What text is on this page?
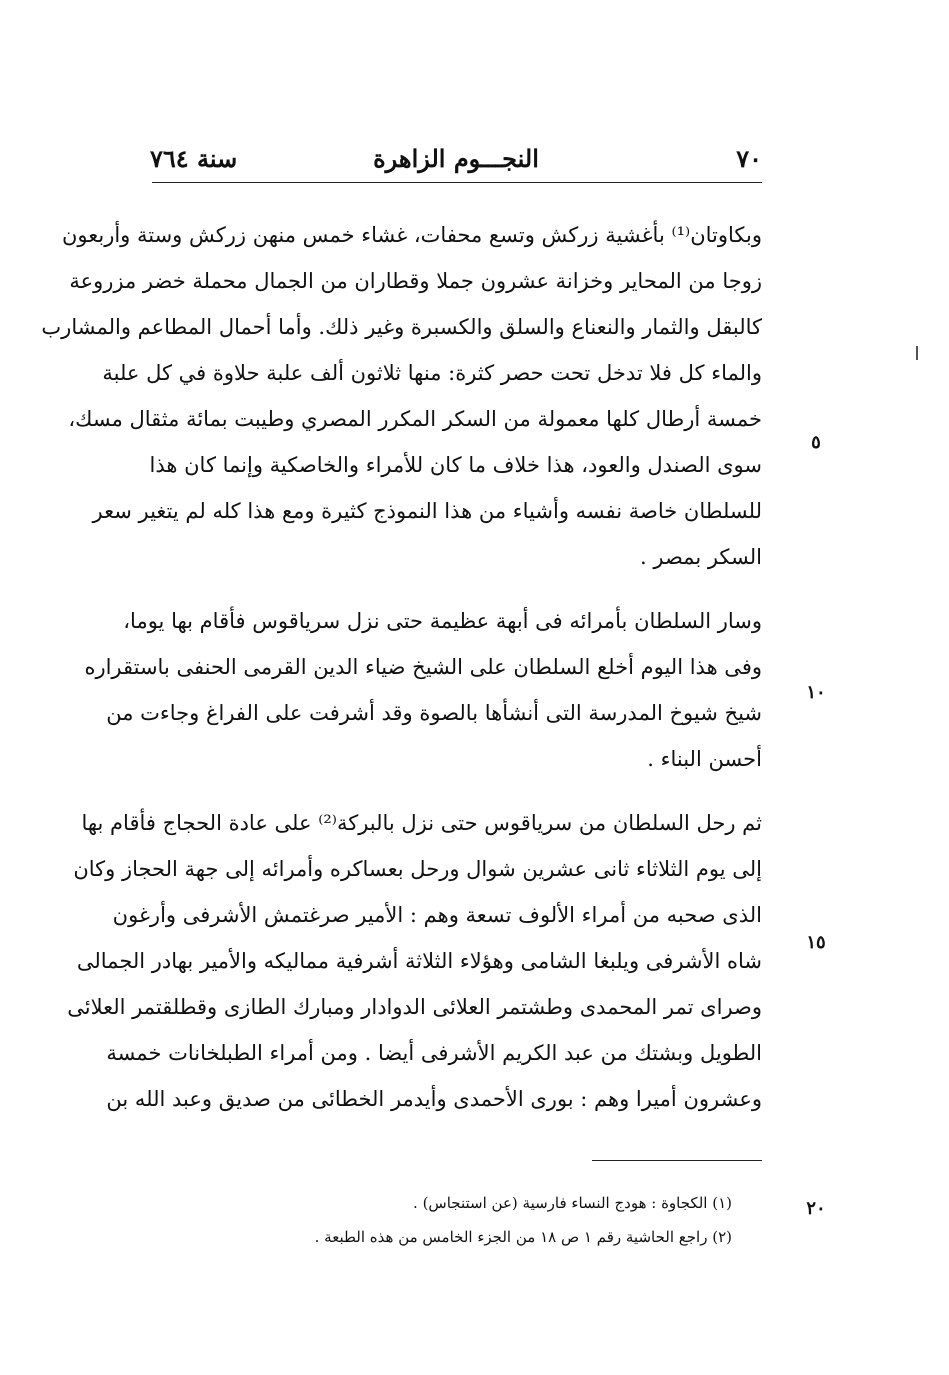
٧٠
النجـــوم الزاهرة
سنة ٧٦٤
وبكاوتان⁽¹⁾ بأغشية زركش وتسع محفات، غشاء خمس منهن زركش وستة وأربعون
زوجا من المحاير وخزانة عشرون جملا وقطاران من الجمال محملة خضر مزروعة
كالبقل والثمار والنعناع والسلق والكسبرة وغير ذلك. وأما أحمال المطاعم والمشارب
والماء كل فلا تدخل تحت حصر كثرة: منها ثلاثون ألف علبة حلاوة في كل علبة
خمسة أرطال كلها معمولة من السكر المكرر المصري وطيبت بمائة مثقال مسك،
سوى الصندل والعود، هذا خلاف ما كان للأمراء والخاصكية وإنما كان هذا
للسلطان خاصة نفسه وأشياء من هذا النموذج كثيرة ومع هذا كله لم يتغير سعر
السكر بمصر .
وسار السلطان بأمرائه فى أبهة عظيمة حتى نزل سرياقوس فأقام بها يوما،
وفى هذا اليوم أخلع السلطان على الشيخ ضياء الدين القرمى الحنفى باستقراره
شيخ شيوخ المدرسة التى أنشأها بالصوة وقد أشرفت على الفراغ وجاءت من
أحسن البناء .
ثم رحل السلطان من سرياقوس حتى نزل بالبركة⁽²⁾ على عادة الحجاج فأقام بها
إلى يوم الثلاثاء ثانى عشرين شوال ورحل بعساكره وأمرائه إلى جهة الحجاز وكان
الذى صحبه من أمراء الألوف تسعة وهم : الأمير صرغتمش الأشرفى وأرغون
شاه الأشرفى ويلبغا الشامى وهؤلاء الثلاثة أشرفية مماليكه والأمير بهادر الجمالى
وصراى تمر المحمدى وطشتمر العلائى الدوادار ومبارك الطازى وقطلقتمر العلائى
الطويل وبشتك من عبد الكريم الأشرفى أيضا . ومن أمراء الطبلخانات خمسة
وعشرون أميرا وهم : بورى الأحمدى وأيدمر الخطائى من صديق وعبد الله بن
٥
١٠
١٥
٢٠
(١) الكجاوة : هودج النساء فارسية (عن استنجاس) .
(٢) راجع الحاشية رقم ١ ص ١٨ من الجزء الخامس من هذه الطبعة .
